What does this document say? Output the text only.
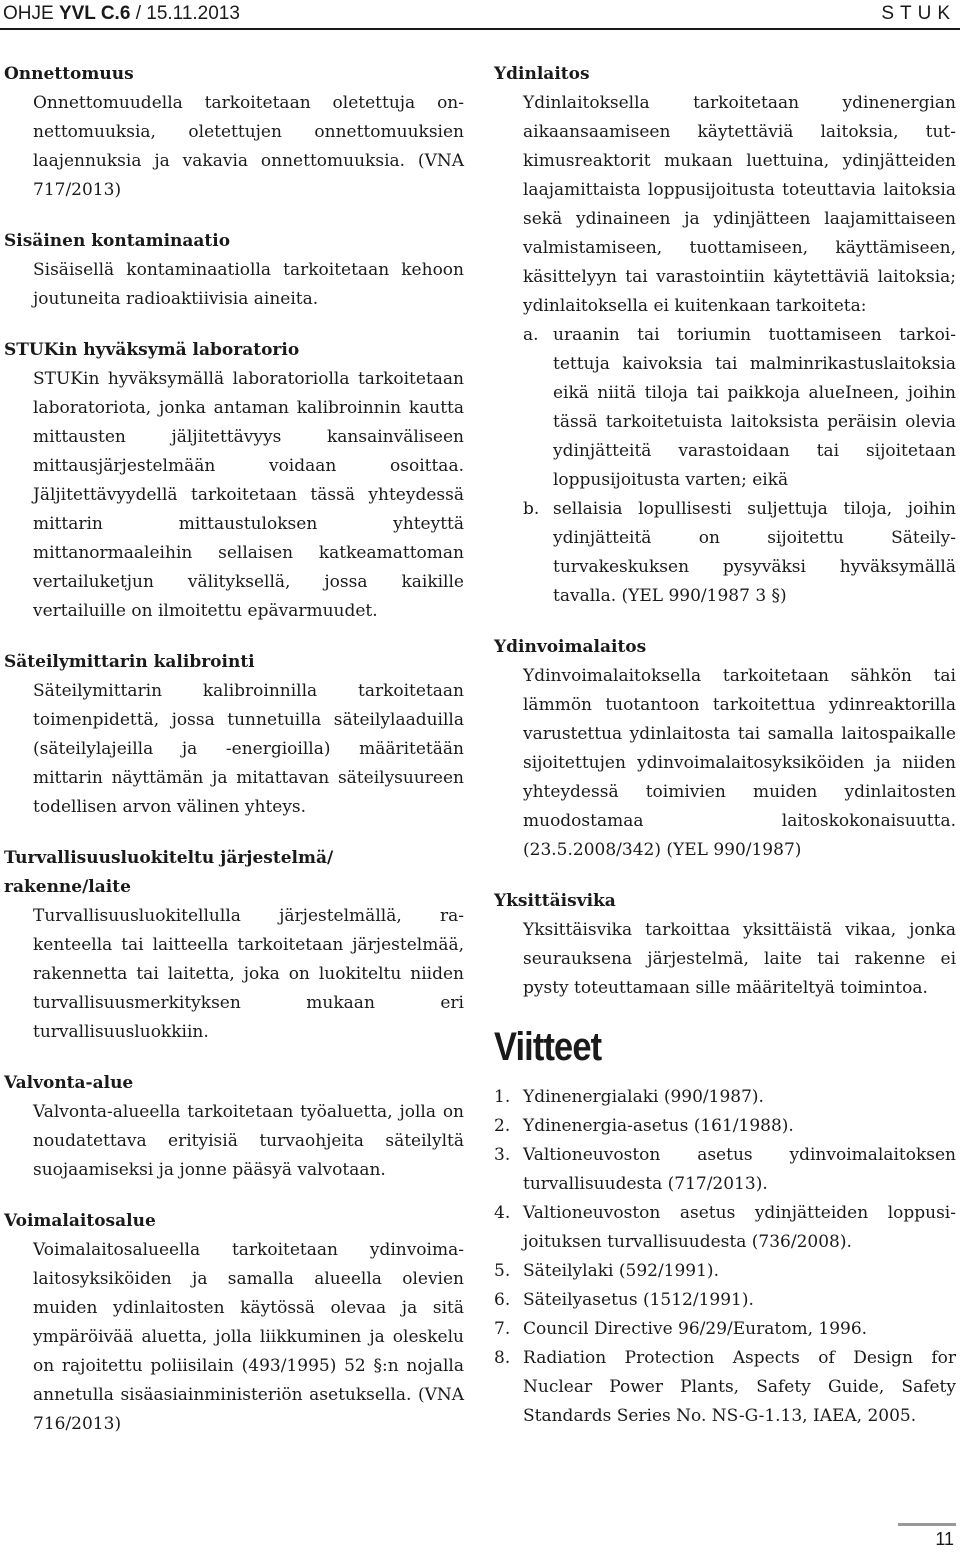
OHJE YVL C.6 / 15.11.2013	STUK
Onnettomuus
Onnettomuudella tarkoitetaan oletettuja onnettomuuksia, oletettujen onnettomuuksien laajennuksia ja vakavia onnettomuuksia. (VNA 717/2013)
Sisäinen kontaminaatio
Sisäisellä kontaminaatiolla tarkoitetaan kehoon joutuneita radioaktiivisia aineita.
STUKin hyväksymä laboratorio
STUKin hyväksymällä laboratoriolla tarkoitetaan laboratoriota, jonka antaman kalibroinnin kautta mittausten jäljitettävyys kansainväliseen mittausjärjestelmään voidaan osoittaa. Jäljitettävyydellä tarkoitetaan tässä yhteydessä mittarin mittaustuloksen yhteyttä mittanormaaleihin sellaisen katkeamattoman vertailuketjun välityksellä, jossa kaikille vertailuille on ilmoitettu epävarmuudet.
Säteilymittarin kalibrointi
Säteilymittarin kalibroinnilla tarkoitetaan toimenpidettä, jossa tunnetuilla säteilylaaduilla (säteilylajeilla ja -energioilla) määritetään mittarin näyttämän ja mitattavan säteilysuureen todellisen arvon välinen yhteys.
Turvallisuusluokiteltu järjestelmä/ rakenne/laite
Turvallisuusluokitellulla järjestelmällä, rakenteella tai laitteella tarkoitetaan järjestelmää, rakennetta tai laitetta, joka on luokiteltu niiden turvallisuusmerkityksen mukaan eri turvallisuusluokkiin.
Valvonta-alue
Valvonta-alueella tarkoitetaan työaluetta, jolla on noudatettava erityisiä turvaohjeita säteilyltä suojaamiseksi ja jonne pääsyä valvotaan.
Voimalaitosalue
Voimalaitosalueella tarkoitetaan ydinvoimalaitosyksiköiden ja samalla alueella olevien muiden ydinlaitosten käytössä olevaa ja sitä ympäröivää aluetta, jolla liikkuminen ja oleskelu on rajoitettu poliisilain (493/1995) 52 §:n nojalla annetulla sisäasiainministeriön asetuksella. (VNA 716/2013)
Ydinlaitos
Ydinlaitoksella tarkoitetaan ydinenergian aikaansaamiseen käytettäviä laitoksia, tutkimusreaktorit mukaan luettuina, ydinjätteiden laajamittaista loppusijoitusta toteuttavia laitoksia sekä ydinaineen ja ydinjätteen laajamittaiseen valmistamiseen, tuottamiseen, käyttämiseen, käsittelyyn tai varastointiin käytettäviä laitoksia; ydinlaitoksella ei kuitenkaan tarkoiteta:
a. uraanin tai toriumin tuottamiseen tarkoitettuja kaivoksia tai malminrikastuslaitoksia eikä niitä tiloja tai paikkoja alueIneen, joihin tässä tarkoitetuista laitoksista peräisin olevia ydinjätteitä varastoidaan tai sijoitetaan loppusijoitusta varten; eikä
b. sellaisia lopullisesti suljettuja tiloja, joihin ydinjätteitä on sijoitettu Säteilyturvakeskuksen pysyväksi hyväksymällä tavalla. (YEL 990/1987 3 §)
Ydinvoimalaitos
Ydinvoimalaitoksella tarkoitetaan sähkön tai lämmön tuotantoon tarkoitettua ydinreaktorilla varustettua ydinlaitosta tai samalla laitospaikalle sijoitettujen ydinvoimalaitosyksiköiden ja niiden yhteydessä toimivien muiden ydinlaitosten muodostamaa laitoskokonaisuutta. (23.5.2008/342) (YEL 990/1987)
Yksittäisvika
Yksittäisvika tarkoittaa yksittäistä vikaa, jonka seurauksena järjestelmä, laite tai rakenne ei pysty toteuttamaan sille määriteltyä toimintoa.
Viitteet
1. Ydinenergialaki (990/1987).
2. Ydinenergia-asetus (161/1988).
3. Valtioneuvoston asetus ydinvoimalaitoksen turvallisuudesta (717/2013).
4. Valtioneuvoston asetus ydinjätteiden loppusijoituksen turvallisuudesta (736/2008).
5. Säteilylaki (592/1991).
6. Säteilyasetus (1512/1991).
7. Council Directive 96/29/Euratom, 1996.
8. Radiation Protection Aspects of Design for Nuclear Power Plants, Safety Guide, Safety Standards Series No. NS-G-1.13, IAEA, 2005.
11
